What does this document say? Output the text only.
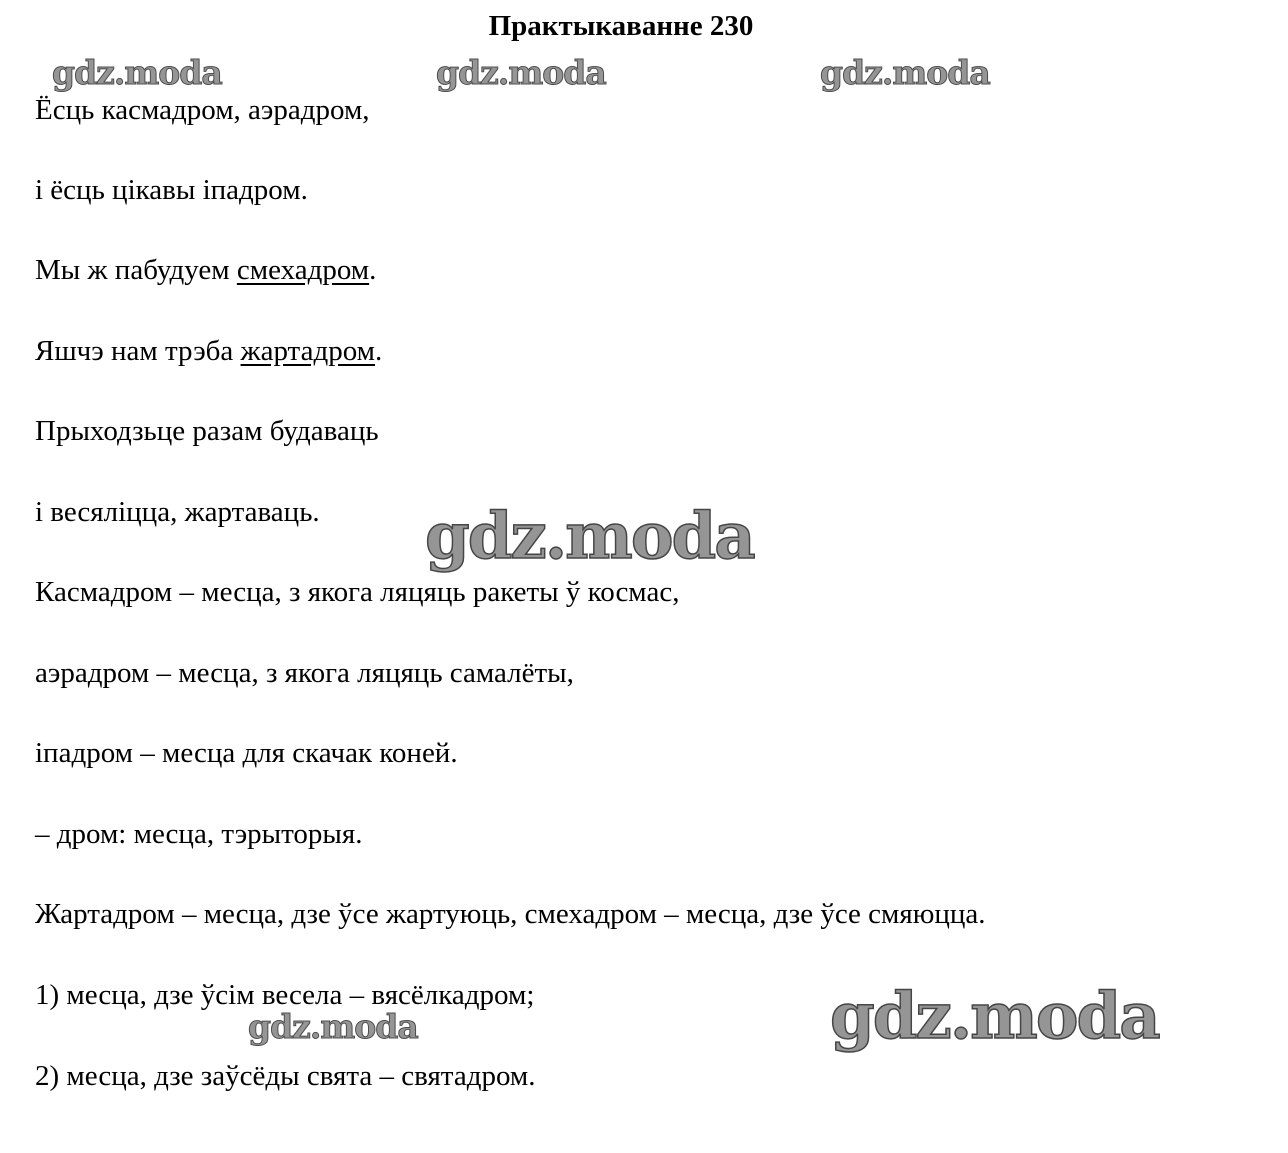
Практыкаванне 230
gdz.moda	gdz.moda	gdz.moda
Ёсць касмадром, аэрадром,
і ёсць цікавы іпадром.
Мы ж пабудуем смехадром.
Яшчэ нам трэба жартадром.
Прыходзьце разам будаваць
і весяліцца, жартаваць. gdz.moda
Касмадром – месца, з якога ляцяць ракеты ў космас,
аэрадром – месца, з якога ляцяць самалёты,
іпадром – месца для скачак коней.
– дром: месца, тэрыторыя.
Жартадром – месца, дзе ўсе жартуюць, смехадром – месца, дзе ўсе смяюцца.
1) месца, дзе ўсім весела – вясёлкадром;
2) месца, дзе заўсёды свята – святадром.
gdz.moda	gdz.moda
